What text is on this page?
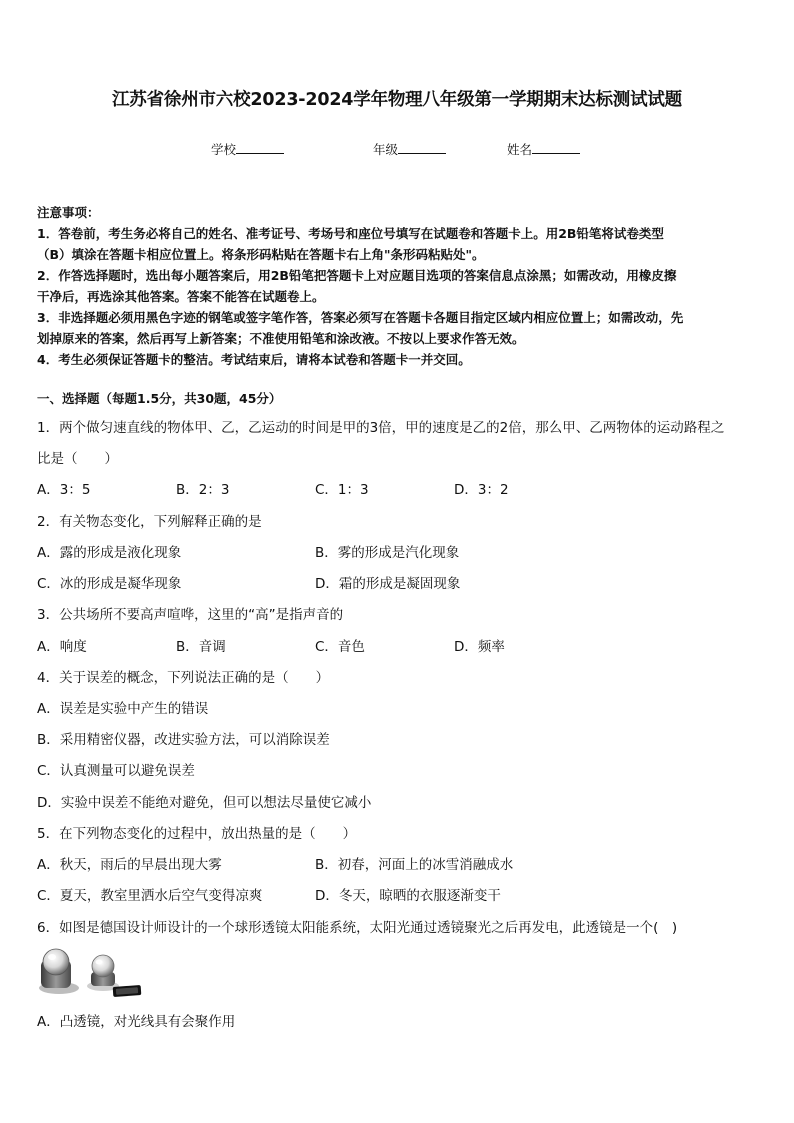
江苏省徐州市六校2023-2024学年物理八年级第一学期期末达标测试试题
学校	年级	姓名
注意事项：
1．答卷前，考生务必将自己的姓名、准考证号、考场号和座位号填写在试题卷和答题卡上。用2B铅笔将试卷类型
（B）填涂在答题卡相应位置上。将条形码粘贴在答题卡右上角"条形码粘贴处"。
2．作答选择题时，选出每小题答案后，用2B铅笔把答题卡上对应题目选项的答案信息点涂黑；如需改动，用橡皮擦
干净后，再选涂其他答案。答案不能答在试题卷上。
3．非选择题必须用黑色字迹的钢笔或签字笔作答，答案必须写在答题卡各题目指定区域内相应位置上；如需改动，先
划掉原来的答案，然后再写上新答案；不准使用铅笔和涂改液。不按以上要求作答无效。
4．考生必须保证答题卡的整洁。考试结束后，请将本试卷和答题卡一并交回。
一、选择题（每题1.5分，共30题，45分）
1．两个做匀速直线的物体甲、乙，乙运动的时间是甲的3倍，甲的速度是乙的2倍，那么甲、乙两物体的运动路程之
比是（　　）
A．3：5	B．2：3	C．1：3	D．3：2
2．有关物态变化，下列解释正确的是
A．露的形成是液化现象	B．雾的形成是汽化现象
C．冰的形成是凝华现象	D．霜的形成是凝固现象
3．公共场所不要高声喧哗，这里的“高”是指声音的
A．响度	B．音调	C．音色	D．频率
4．关于误差的概念，下列说法正确的是（　　）
A．误差是实验中产生的错误
B．采用精密仪器，改进实验方法，可以消除误差
C．认真测量可以避免误差
D．实验中误差不能绝对避免，但可以想法尽量使它减小
5．在下列物态变化的过程中，放出热量的是（　　）
A．秋天，雨后的早晨出现大雾	B．初春，河面上的冰雪消融成水
C．夏天，教室里洒水后空气变得凉爽	D．冬天，晾晒的衣服逐渐变干
6．如图是德国设计师设计的一个球形透镜太阳能系统，太阳光通过透镜聚光之后再发电，此透镜是一个(　)
A．凸透镜，对光线具有会聚作用
